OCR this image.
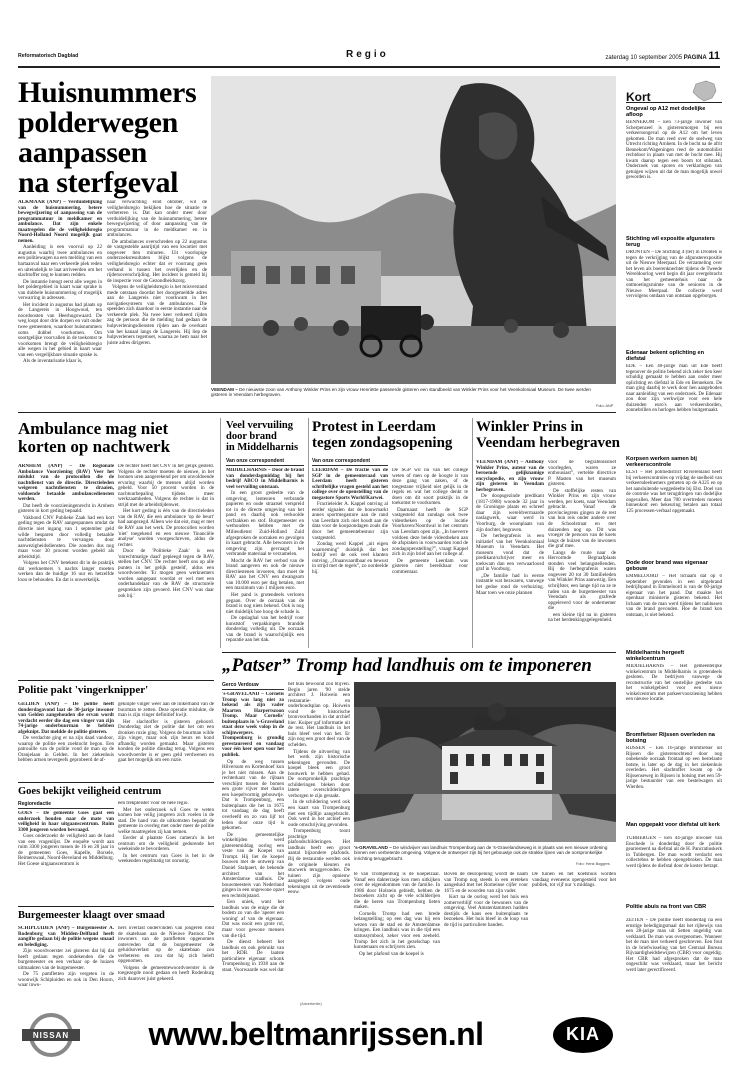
Reformatorisch Dagblad	Regio	zaterdag 10 september 2005 PAGINA 11
Huisnummers
polderwegen
aanpassen
na sterfgeval

ALKMAAR (ANP) – Verduidelijking van de huisnummering, betere bewegwijzering of aanpassing van de programmatuur in meldkamer en ambulance. Dat zijn enkele maatregelen die de veiligheidsregio Noord-Holland Noord mogelijk gaat nemen.

Aanleiding is een voorval op 22 augustus waarbij twee ambulances en een politiewagen na een melding van een hartaanval naar een verkeerde plek reden en uiteindelijk te laat arriveerden om het slachtoffer nog te kunnen redden.

De instantie brengt eerst alle wegen in het poldergebied in kaart waar sprake is van dubbele huisnummering of mogelijk verwarring in adressen.

Het incident in augustus had plaats op de Langereis in Hoogwoud, ten noordoosten van Heerhugowaard. De weg loopt door drie dorpen en valt onder twee gemeenten, waardoor huisnummers soms dubbel voorkomen. Om soortgelijke voorvallen in de toekomst te voorkomen brengt de veiligheidsregio alle wegen in het gebied in kaart waar van een vergelijkbare situatie sprake is.

Als de inventarisatie klaar is,

naar verwachting eind oktober, wil de veiligheidsregio bekijken hoe de situatie te verbeteren is. Dat kan onder meer door verduidelijking van de huisnummering, betere bewegwijzering of door aanpassing van de programmatuur in de meldkamer en in ambulances.

De ambulances overschreden op 22 augustus de vastgestelde aanrijtijd van een kwartier met ongeveer tien minuten. Uit voorlopige onderzoeksresultaten blijkt volgens de veiligheidsregio echter dat er voorrang geen verband is tussen het overlijden en de rijdersoverschrijding. Het incident is gemeld bij de inspectie voor de Gezondheidszorg.

Volgens de veiligheidsregio is het misverstand mede ontstaan doordat het doorgemeldde adres aan de Langereis niet voorkwam in het navigatiesysteem van de ambulances. Die speelden zich daardoor in eerste instantie naar de verkeerde plek. Na twee keer verkeerd rijden zag de persoon die de melding had gedaan de hulpverleningsdiensten rijden aan de overkant van het kanaal langs de Langereis. Hij liep de hulpverleners tegemoet, waarna ze hem naar het juiste adres dirigeren.

VEENDAM – De nieuwste zoon van Anthony Winkler Prins en zijn vrouw Henriëtte passeerde gisteren een standbeeld van Winkler Prins voor het Veenkoloniaal Museum. De twee werden gisteren in Veendam herbegraven.
Foto: ANP
Kort
Ongeval op A12 met dodelijke afloop
BENNEKOM – Een 73-jarige inwoner van Scherpenzeel is gisterenmorgen bij een verkeersongeval op de A12 om het leven gekomen. De man reed over de snelweg van Utrecht richting Arnhem. In de bocht na de afrit Bennekom/Wageningen reed de automobilist rechtdoor in plaats van met de bocht mee. Hij kwam daarop tegen een boom tot stilstand. Onderzoek van sporen en verklaringen van getuigen wijzen uit dat de man mogelijk onwel geworden is.
Stichting wil expositie afgunsters terug
DRONTEN – De Stichting 4 (ter) in Dronten is tegen de verkrijging van de afgunsterexpositie uit de Nieuwe Meerpaal. De verzameling over het leven als boerenknechter tijdens de Tweede Wereldoorlog werd begin dit jaar overgebracht van het gemeentehuis naar de ontmoetingsruimte van de senioren in de Nieuwe Meerpaal. De collectie werd vervolgens ontdaan van ontstaan opgeborgen.
Edenaar bekent oplichting en diefstal
EDE – Een 40-jarige man uit Ede heeft tegenover de politie bekend zich zeker tien keer schuldig gemaakt te hebben aan onder meer oplichting en diefstal in Ede en Bennekom. De man ging daarbij te werk door hen aangeboden naar aanleiding van een onderzoek. De Edenaar zou door zijn werkwijze voor een hele duizenden euro's aan verkeersborden, zonnebrillen en horloges hebben buitgemaakt.
Korpsen werken samen bij verkeerscontrole
ELST – Het politiedistrict Rivierenland heeft bij verkeerscontroles op vrijdag de snelheid van verkeersdeelnemers gemeten op de A325 en op het aansluitende weggedeelte bij Elst. Doel van de controle was het terugdringen van dodelijke ongevallen. Meer dan 700 overtreders moeten binnenkort een bekeuring betalen aan totaal 125 processen-verbaal opgemaakt.
Dode door brand was eigenaar gebouw
EMMELOORD – Het lichaam dat op 6 september gevonden in een uitgebrand bedrijfspand in Emmeloord is van de 60-jarige eigenaar van het pand. Dat maakte het openbaar ministerie gisteren bekend. Het lichaam van de man werd tijdens het nablussen van de brand gevonden. Hoe de brand kon ontstaan, is niet bekend.
Middelharnis hergeeft winkelcentrum
MIDDELHARNIS – Het gemeentelijke winkelcentrum in Middelharnis is grotendeels gesloten. De bedrijven vanwege de reconstructie van het oostelijke gedeelte van het winkelgebied voor een nieuw winkelcentrum met parkeervoorziening hebben een nieuwe locatie.
Bromfietser Rijssen overleden na botsing
RIJSSEN – Een 16-jarige bromfietser uit Rijssen die gisterenochtend door nog onbekende oorzaak frontaal op een bestelauto botste, is later op de dag in het ziekenhuis overleden. Het slachtoffer kwam op de Rijssenseweg in Rijssen in botsing met een 59-jarige bestuurder van een bestelwagen uit Wierden.
Man opgepakt voor diefstal uit kerk
TUBBERGEN – Een 44-jarige inwoner van Enschede is donderdag door de politie gearresteerd na diefstal uit de H. Pancratiuskerk in Tubbergen. De man wordt verdacht een collectebus te hebben opengebroken. De man werd tijdens de diefstal door de koster betrapt.
Politie abuis na front van CBR
ZEITEN – De politie heeft donderdag na een ernstige beledigingsmaal dat het rijbewijs van een 28-jarige man uit Setten ongeldig was verklaard. De man was overgenomen. Wanneer het de man niet verkeerd geschreven. Een fout in de briefwisseling van het Centraal Bureau Rijvaardigheidsbewijzen (CBR) voor ongeldig. Het CBR had afgesproken dat de man ongeschikt was verklaard, maar het bericht werd later gerectificeerd.
Ambulance mag niet
korten op nachtwerk

ARNHEM (ANP) – De Regionale Ambulance Voorziening (RAV) Veer het mislukt van de protocollen die de nachtdienst van de directie. Directieleden weigeren nachtdiensten te draaien, voldoende betaalde ambulancediensten werden.

Dat heeft de voorzieningenrecht in Arnhem gisteren in kort geding bepaald.

Vakbond CNV Publieke Zaak had een kort geding tegen de RAV aangespannen omdat de directie niet ingang van 1 september geld wilde besparen door volledig betaalde nachtdiensten te vervangen door aanwezigheidsdiensten. Die zouden dus nog maar voor 30 procent worden gebeld als arbeidstijd.

Volgens het CNV betekent dit in de praktijk dat werknemers 's nachts langer moeten werken dan de huidige 16 uur en hetzelfde loon te behouden. En dat is onwerkelijk.

De rechter heeft het CNV in het gelijk gesteld. Volgens de rechter moeten de nieuwe, in het bonnen uren aangerekend per om onvoldoende ervaring waarbij de mensen altijd worden gebeld. Voor 50 procent worden in de nachtuurbepaling tijdens meer werkzaamheden. Volgens de rechter is dat in strijd met de arbeidstijdenwet.

Het kort geding is één van de directieleden van de RAV, die een ambulance 'op de beurt' had aangezegd. Alleen wie dat eist, mag er met de RAV aan het werk. De protocollen worden 'niet' toegekend en een nieuwe 'financiële analyse' worden voorgeschreven, aldus de rechter.

Door de 'Politieke Zaak' is een 'onrechtmatige daad' gepleegd tegen de RAV, stellen het CNV. 'De rechter heeft ons op alle punten in het gelijk gesteld', aldus een woordvoerder. 'Er mogen geen werknemers worden aangepast voordat er wel met een onderhandelaar van de RAV de structurele gesprekken zijn gevoerd. Het CNV was daar ook bij.'

Veel vervuiling
door brand
in Middelharnis
Van onze correspondent

MIDDELHARNIS – Door de brand van donderdagmiddag bij het bedrijf ABCO in Middelharnis is veel vervuiling ontstaan.

In een groot gedeelte van de omgeving, lenteuren verbrande papieren en oude straatsel verspreid tot in de directe omgeving van het pand en daarbij ook verkoolde verfzakken en stof. Burgemeester en wethouders hebben met de Milieudienst Zuid-Holland Zuid afgesproken de oorzaken en gevolgen in kaart gebracht. Alle bewoners in de omgeving zijn gevraagd het verbrande materiaal te verzamelen.

Mocht de RAV het verbod van de brand aangeven en ook de nieuwe directiestenen invoeren, dan moet de RAV aan het CNV een dwangsom van 10.000 euro per dag betalen, met een maximum van 1 miljoen euro.

Het pand is grotendeels verloren gegaan. Over de oorzaak van de brand is nog niets bekend. Ook is nog niet duidelijk hoe hoog de schade is.

De opslaghal van het bedrijf voor kunststof verpakkingen brandde donderdag volledig uit. De oorzaak van de brand is waarschijnlijk een reparatie aan het dak.

Protest in Leerdam
tegen zondagsopening
Van onze correspondent

LEERDAM – De fractie van de SGP in de gemeenteraad van Leerdam heeft gisteren schriftelijke vragen gesteld aan het college over de openstelling van de megastore Sports World/Karwei.

Fractieleider A. Kappel ontving al eerder signalen dat de bouwmarkt annex sportmegastore aan de rand van Leerdam zich niet houdt aan de data voor de koopzondagen zoals die door het gemeentebestuur zijn vastgesteld.

Zondag werd Kappel „uit eigen waarneming” duidelijk dat het bedrijf wel de ook veel klanten ontving. „Onaanvaardbaar en bewust in strijd met de regels”, zo oordeelde hij.

De SGP wil nu van het college weten of men op de hoogte is van deze gang van zaken, of de toegestane vrijheid niet gelijk in de regels en wat het college denkt te doen om dit soort praktijk in de toekomst te voorkomen.

Daarnaast heeft de SGP vastgesteld dat zondags ook twee videotheken op de locatie Voorhaven/Noordwal in het centrum van Leerdam open zijn. „In hoeverre voldoen deze beide videotheken aan de afspraken in voorwaarden rond de zondagopenstelling?”, vraagt Kappel zich in zijn brief aan het college af.

De gemeente Leerdam was gisteren niet bereikbaar voor commentaar.

Winkler Prins in
Veendam herbegraven

VEENDAM (ANP) – Anthony Winkler Prins, auteur van de beroemde gelijknamige encyclopedie, en zijn vrouw zijn gisteren in Veendam herbegraven.

De doopsgezinde predikant (1817-1908) woonde 32 jaar in de Groningse plaats en schreef daar zijn wereldvermaarde naslagwerk, waar werd in Voorburg, de woonplaats van zijn dochter, begraven.

De herbegrafenis is een initiatief van het Veenkoloniaal Museum in Veendam. Het museum vond dat de predikant/schrijver meer en toekwam dan een verwaarloosd graf in Voorburg.

„De familie had in eerste instantie wat bezwaren, vanwege het gedoe rond de verhuizing. Maar toen we onze plannen

voor de begrafenisstoet voorlegden, waren ze enthousiast”, vertelde directrice P. Masten van het museum gisteren.

De stoffelijke resten van Winkler Prins en zijn vrouw werden, per koets, naar Veendam gebracht. Vanaf de provinciegrens gingen ze de rest van hun reis onder andere over de Schoolstraat en met duizenden nog op. Dit was vroeger de persoon van de koets langs de huizen van de inwoners die graf mee.

Langs de route naar de Hervormde Begraafplaats stonden veel belangstellenden. Bij de herbegrafenis waren ongeveer 20 tot 30 familieleden van Winkler Prins aanwezig. Een schrijfster, een lange tijd na ze te raden van de burgemeester van Veendam als grafrede opgeleverd voor de ondernemer die

een kleine tijd na in gisteren na het herdenkingsgelegenheid.

Politie pakt 'vingerknipper'

GELDEN (ANP) – De politie heeft donderdagavond laat de 30-jarige inwoner van Gelden aangehouden die ervan wordt verdacht eerder die dag een vinger van zijn 74-jarige onderbuurman te hebben afgeknipt. Dat meldde de politie gisteren.

De verdachte ging er na zijn daad vandoor, waarop de politie een zoektocht begon. Een patrouille van de politie vond de man op de Oranjelaan in Gelden. In het ziekenhuis hebben artsen tevergeefs geprobeerd de af-

geknipte vinger weer aan de linkerhand van de buurman te zetten. Deze operatie mislukte, de man is zijn vinger definitief kwijt.

Het slachtoffer is gisteren gehoord. Donderdag ziet de politie dat het om een dronken ruzie ging. Volgens de buurman wilde zijn vinger, maar ook zijn beurs en hond afhandig worden gemaakt. Maar gisteren konden de politie dinsdag terug. Volgens een woordvoerder is er geen geld verdwenen en gaat het mogelijk om een ruzie.

Goes bekijkt veiligheid centrum
Regioredactie

GOES – De gemeente Goes gaat een onderzoek houden naar de mate van veiligheid in haar uitgaanscentrum. Ruim 3300 jongeren worden bevraagd.

Goes onderzoekt de veiligheid aan de hand van een vragenlijst. De enquête wordt aan ruim 3300 jongeren tussen de 16 en 28 jaar in de gemeenten Goes, Kapelle, Borsele, Reimerswaal, Noord-Beveland en Middelburg. Het Goese uitgaanscentrum is

een trekpleister voor de hele regio.

Met het onderzoek wil Goes te weten komen hoe veilig jongeren zich voelen in de stad. De hand van de uitkomsten bepaalt de gemeente in overleg met onder meer de politie welke maatregelen zij kan nemen.

Eerder al plaatste Goes camera's in het centrum om de veiligheid gedurende het weekeinde te bevorderen.

In het centrum van Goes is het in de weekenden regelmatig tot onrustig.

Burgemeester klaagt over smaad

SCHIPLUIDEN (ANP) – Burgemeester A. Rodenburg van Midden-Delfland heeft aangifte gedaan bij de politie wegens smaad en belediging.

Zijn woordvoerster zei gisteren dat hij dat heeft gedaan tegen ondekenden die de burgemeester en een verhaar op de huizen uitmaakten van de burgemeester.

De 75 pamfletten zijn vergeten in de woonwijk Schipluiden en ook in Den Hoorn, waar inwo-

ners overlast ondervinden van jongeren rond de skatebaan aan de Nieuwe Pastoor. De inwoners van de pamfletten opgenomen ontevreden dat de burgemeester de geluidsoverlast op de skatebaan zou verbeteren en zou dat hij zich heleft opgenomen.

Volgens de gemeentewoordvoerster is de toegezegde nooit gedaan en heeft Rodenburg zich daarover juist gekeerd.

„Patser” Tromp had landhuis om te imponeren
Gerco Verdouw

's-GRAVELAND – Cornelis Tromp was lang niet zo bekend als zijn vader Maarten Harpertszoon Tromp. Maar Cornelis' buitenplaats in 's-Graveland staat deze week volop in de schijnwerpers. Trompenburg is grondig gerestaureerd en vandaag voor één keer open voor het publiek.

Op de weg tussen Hilversum en Kortenhoef kun je het niet missen. Aan de rechterkant van de rijbaan verschijnt tussen de bomen een grote vijver met daarin een koepelvormig gebouwtje. Dat is Trompenburg, een buitenplaats die het in 1675 tot vandaag de dag heeft overleefd en zo van lijf tot leden door onze tijd is gekomen.

De gemeentelijke winkeltijden werd gisterenmiddag oorlog een veste van de Koepel van Trompt. Hij liet de koepel bouwen met de ontwerp van Daniel Stalpaert, de bekende architect van het Amsterdamse stadhuis. De bouwmeesters van Nederland gingen in een ongewone opzet een rechtsbijstand.

Een uniek, want het landhuis was de enige die de bodem zo van die 'aperer een woning' af van de eigenaar. Dat was nooit een grote rol, maar voor gewone mensen van die tijd.

De dienst beheert het landhuis en ook gebruikt van het RDB. De laatste particuliere eigenaar schonk Trompenburg in 1938 aan de staat. Voorwaarde was wel dat

het huis bewoond zou blijven. Begin jaren '90 stelde architect J. Hoiwein een restauratie- en onderhoudsplan op. Hoiwein vond de historische bronvoorhanden in dat archief hier. Kuiper gaf informatie uit de rest. Het landhuis in het huis bleef veel van het. Er zijn nog een groot deel van de schelden.

Tijdens de uitvoering van het werk zijn historische tekeningen gevonden. De koepel bleek een groot houtwerk te hebben gehad. De oorspronkelijk prachtige schilderingen bleken door latere overschilderingen verborgen te zijn geraakt.

In de schildering werd ook een kaart van Trompenburg met een tijdlijn aangebracht. Ook werd in het archief een oude omschrijving gevonden.

Trompenburg toont prachtige plafondschilderingen. Het landhuis heeft een groot aantal bijzondere plafonds. Bij de restauratie werden ook de originele kleuren en stucwerk teruggevonden. De tuinen zijn opnieuw aangelegd volgens oude tekeningen uit de zeventiende eeuw.

's-GRAVELAND – De windvijver van landhuis Trompenburg aan de 's-Gravelandseweg is in plaats van een nieuwe ordening binnen een verbeterde omgeving. Volgens de ontwerper zijn bij het gebouwtje ook de strakke lijnen van de oorspronkelijke inrichting teruggebracht.
Foto: Henk Boggers

te van Trompenburg is de koepelzaal. Vanaf een dakterrasje kon men uitkijken over de eigendommen van de familie. In 1986 door Holstein gebiedt, hebben de bezoekers zicht op de vele schilderijen die de heren van Trompenburg lieten maken.

Cornelis Tromp had een brede belangstelling; op een dag was hij een wezen van de stad en de Amsterdamse kringen. Een landhuis was in die tijd een statussymbool, zeker voor een zeeheld. Tromp liet zich in het gezelschap van kunstenaars en schrijvers zien.

Op het plafond van de koepel is

Boven de deuropening wordt de naam van Tromp nog steeds in een ereteken aangeduid met het Romeinse cijfer voor 1675 en de woorden van zijn vader.

Kort na de oorlog werd het huis een zomerverblijf voor de bewoners van de omgeving. Veel Amsterdammers hadden destijds de kans een buitenplaats te bezoeken. Het huis bleef in de loop van de tijd in particuliere handen.

De tuinen en het koetshuis worden vandaag eveneens opengesteld voor het publiek, tot vijf uur 's middags.

(Advertentie)
NISSAN	www.beltmanrijssen.nl	KIA
